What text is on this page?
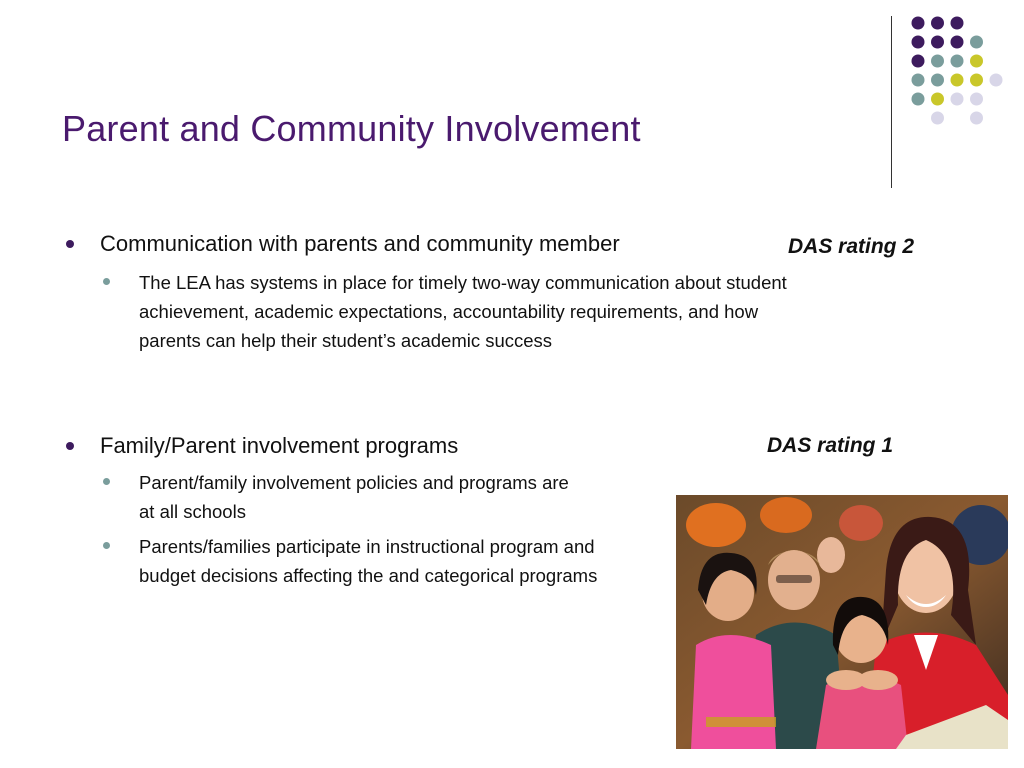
Parent and Community Involvement
Communication with parents and community member	DAS rating 2
The LEA has systems in place for timely two-way communication about student achievement, academic expectations, accountability requirements, and how parents can help their student’s academic success
Family/Parent involvement programs	DAS rating 1
Parent/family involvement policies and programs are at all schools
Parents/families participate in instructional program and budget decisions affecting the and categorical programs
